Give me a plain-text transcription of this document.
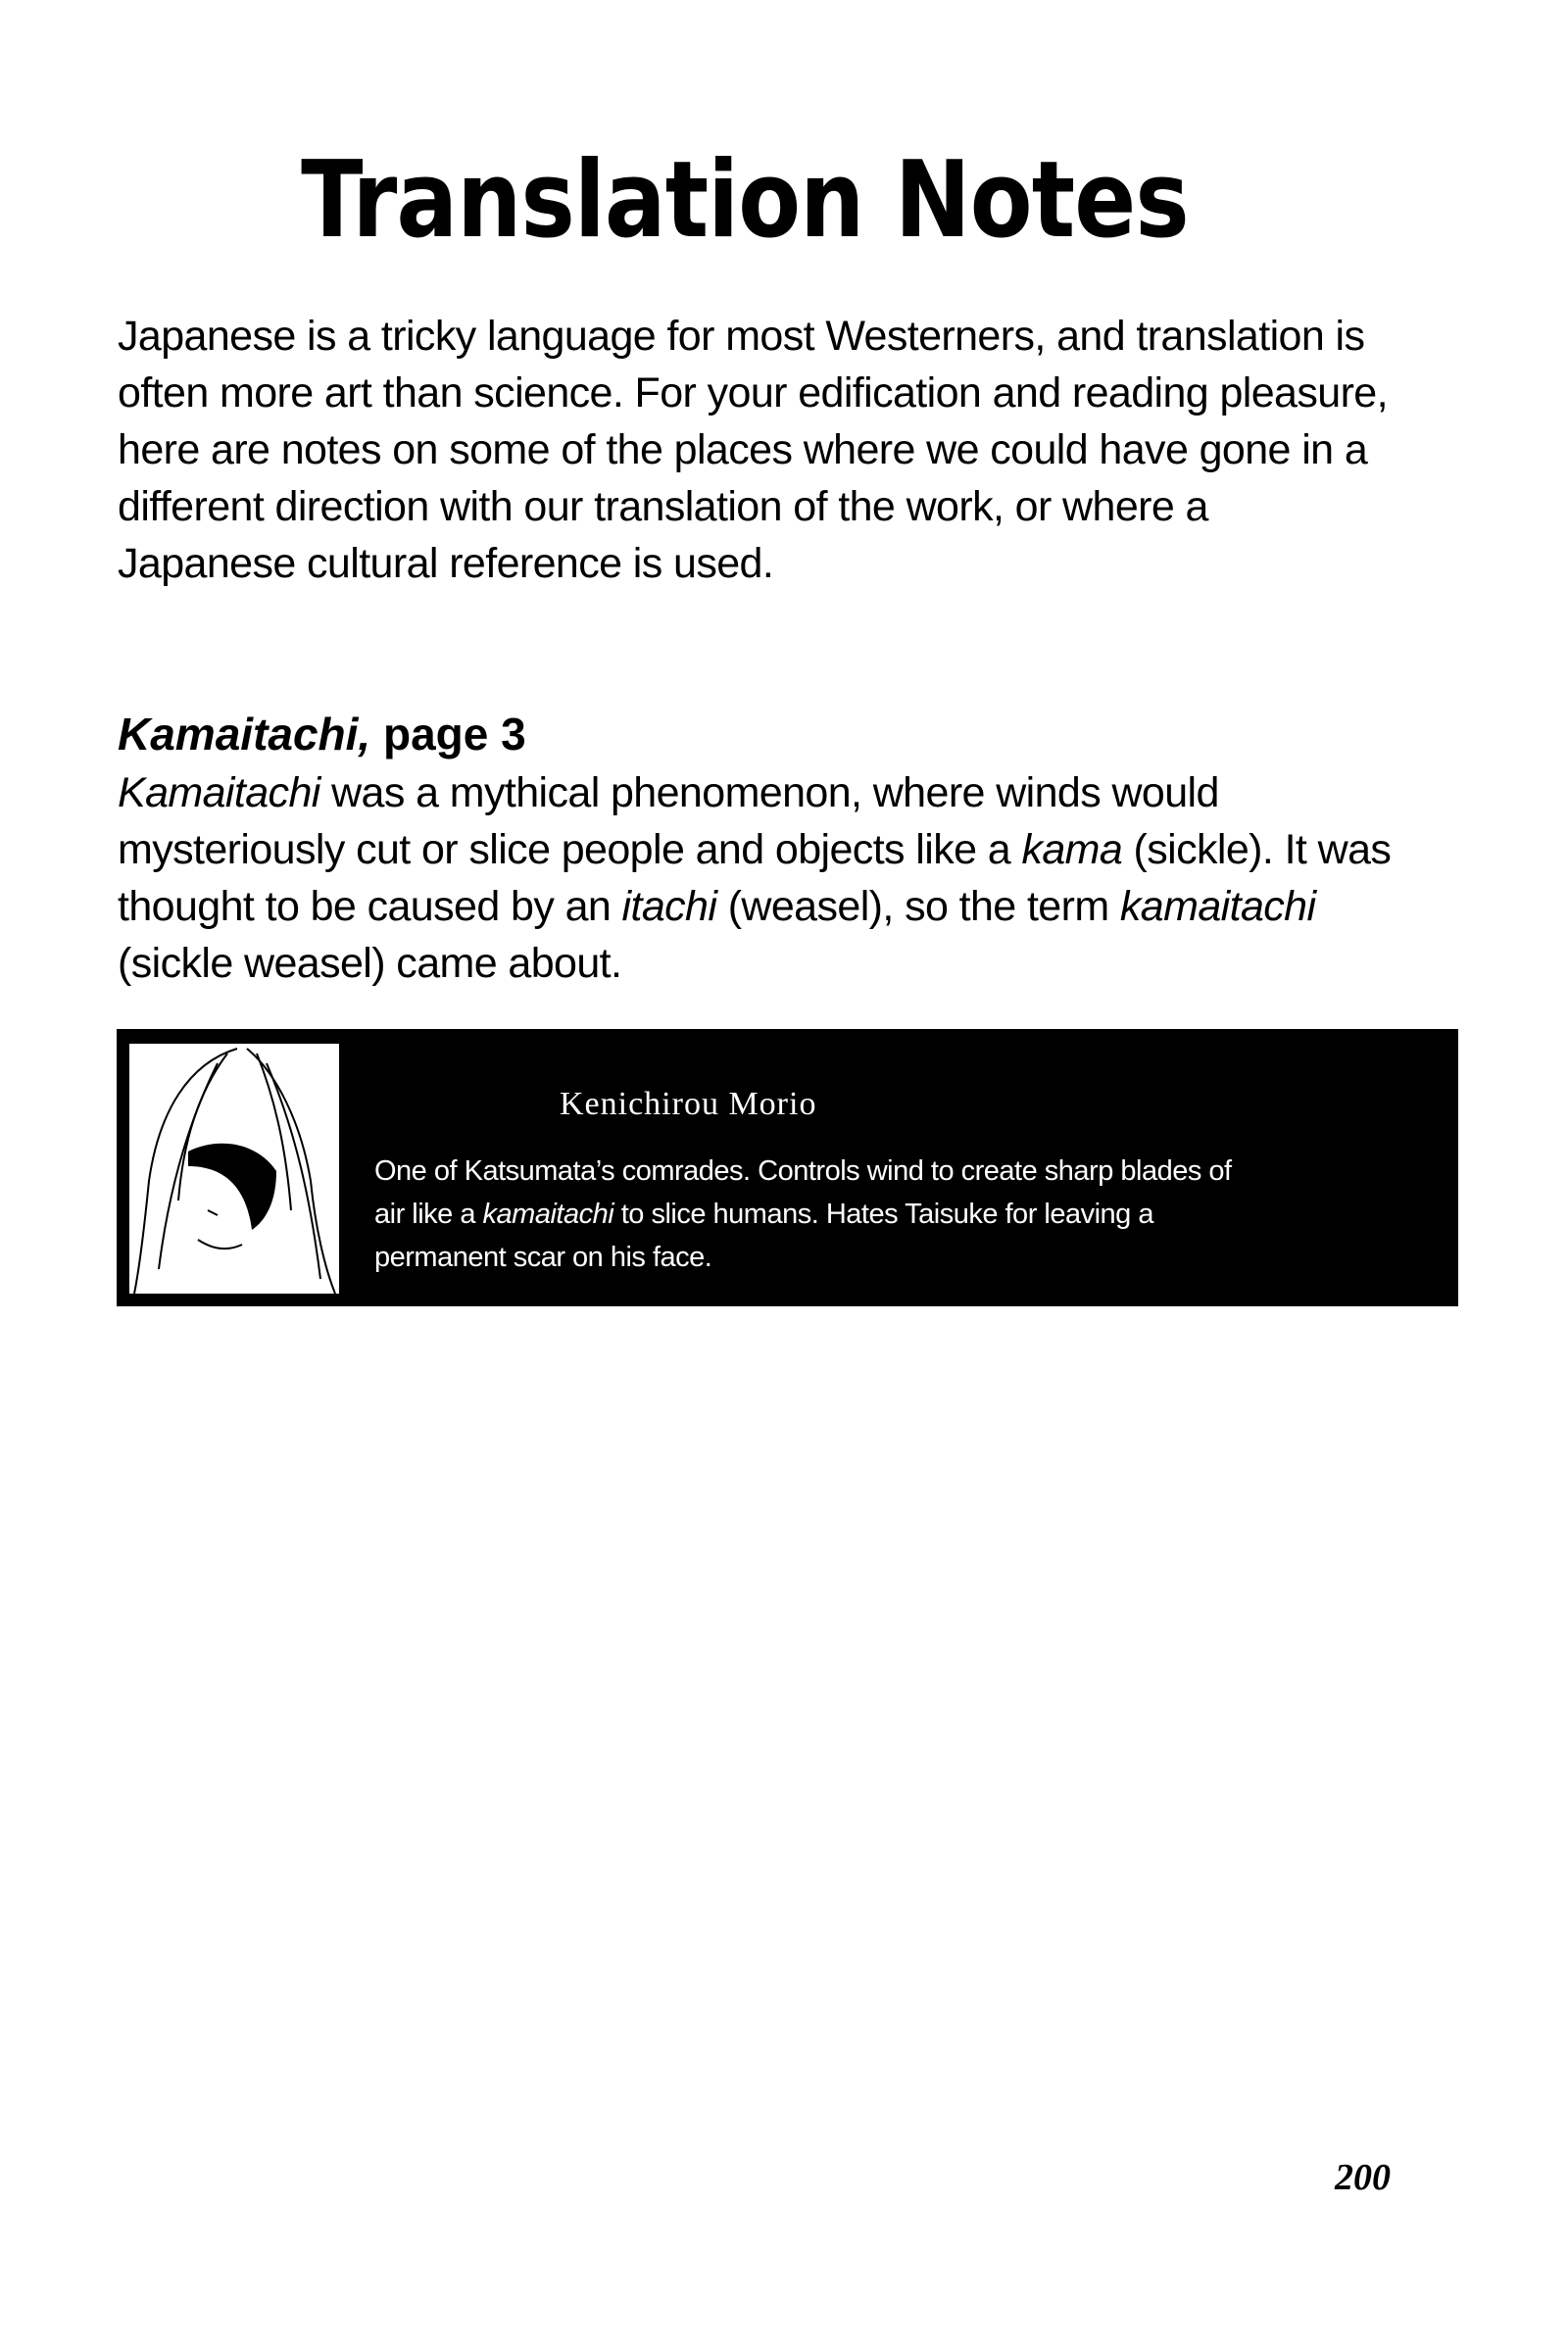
Translation Notes
Japanese is a tricky language for most Westerners, and translation is often more art than science. For your edification and reading pleasure, here are notes on some of the places where we could have gone in a different direction with our translation of the work, or where a Japanese cultural reference is used.
Kamaitachi, page 3
Kamaitachi was a mythical phenomenon, where winds would mysteriously cut or slice people and objects like a kama (sickle). It was thought to be caused by an itachi (weasel), so the term kamaitachi (sickle weasel) came about.
Kenichirou Morio
One of Katsumata’s comrades. Controls wind to create sharp blades of air like a kamaitachi to slice humans. Hates Taisuke for leaving a permanent scar on his face.
200
